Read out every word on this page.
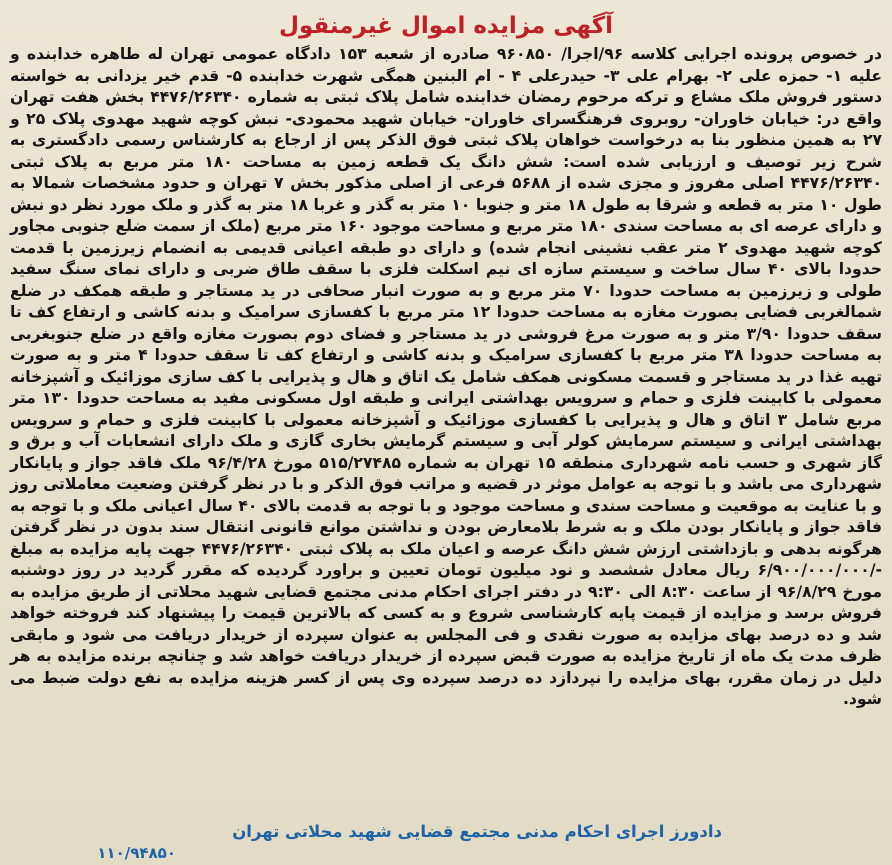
آگهی مزایده اموال غیرمنقول

در خصوص پرونده اجرایی کلاسه ۹۶/اجرا/ ۹۶۰۸۵۰ صادره از شعبه ۱۵۳ دادگاه عمومی تهران له طاهره خدابنده و علیه ۱- حمزه علی ۲- بهرام علی ۳- حیدرعلی ۴ - ام البنین همگی شهرت خدابنده ۵- قدم خیر یزدانی به خواسته دستور فروش ملک مشاع و ترکه مرحوم رمضان خدابنده شامل پلاک ثبتی به شماره ۴۴۷۶/۲۶۳۴۰ بخش هفت تهران واقع در: خیابان خاوران- روبروی فرهنگسرای خاوران- خیابان شهید محمودی- نبش کوچه شهید مهدوی پلاک ۲۵ و ۲۷ به همین منظور بنا به درخواست خواهان پلاک ثبتی فوق الذکر پس از ارجاع به کارشناس رسمی دادگستری به شرح زیر توصیف و ارزیابی شده است: شش دانگ یک قطعه زمین به مساحت ۱۸۰ متر مربع به پلاک ثبتی ۴۴۷۶/۲۶۳۴۰ اصلی مفروز و مجزی شده از ۵۶۸۸ فرعی از اصلی مذکور بخش ۷ تهران و حدود مشخصات شمالا به طول ۱۰ متر به قطعه و شرقا به طول ۱۸ متر و جنوبا ۱۰ متر به گذر و غربا ۱۸ متر به گذر و ملک مورد نظر دو نبش و دارای عرصه ای به مساحت سندی ۱۸۰ متر مربع و مساحت موجود ۱۶۰ متر مربع (ملک از سمت ضلع جنوبی مجاور کوچه شهید مهدوی ۲ متر عقب نشینی انجام شده) و دارای دو طبقه اعیانی قدیمی به انضمام زیرزمین با قدمت حدودا بالای ۴۰ سال ساخت و سیستم سازه ای نیم اسکلت فلزی با سقف طاق ضربی و دارای نمای سنگ سفید طولی و زیرزمین به مساحت حدودا ۷۰ متر مربع و به صورت انبار صحافی در ید مستاجر و طبقه همکف در ضلع شمالغربی فضایی بصورت مغازه به مساحت حدودا ۱۲ متر مربع با کفسازی سرامیک و بدنه کاشی و ارتفاع کف تا سقف حدودا ۳/۹۰ متر و به صورت مرغ فروشی در ید مستاجر و فضای دوم بصورت مغازه واقع در ضلع جنوبغربی به مساحت حدودا ۳۸ متر مربع با کفسازی سرامیک و بدنه کاشی و ارتفاع کف تا سقف حدودا ۴ متر و به صورت تهیه غذا در ید مستاجر و قسمت مسکونی همکف شامل یک اتاق و هال و پذیرایی با کف سازی موزائیک و آشپزخانه معمولی با کابینت فلزی و حمام و سرویس بهداشتی ایرانی و طبقه اول مسکونی مفید به مساحت حدودا ۱۳۰ متر مربع شامل ۳ اتاق و هال و پذیرایی با کفسازی موزائیک و آشپزخانه معمولی با کابینت فلزی و حمام و سرویس بهداشتی ایرانی و سیستم سرمایش کولر آبی و سیستم گرمایش بخاری گازی و ملک دارای انشعابات آب و برق و گاز شهری و حسب نامه شهرداری منطقه ۱۵ تهران به شماره ۵۱۵/۲۷۴۸۵ مورخ ۹۶/۴/۲۸ ملک فاقد جواز و پایانکار شهرداری می باشد و با توجه به عوامل موثر در قضیه و مراتب فوق الذکر و با در نظر گرفتن وضعیت معاملاتی روز و با عنایت به موقعیت و مساحت سندی و مساحت موجود و با توجه به قدمت بالای ۴۰ سال اعیانی ملک و با توجه به فاقد جواز و پایانکار بودن ملک و به شرط بلامعارض بودن و نداشتن موانع قانونی انتقال سند بدون در نظر گرفتن هرگونه بدهی و بازداشتی ارزش شش دانگ عرصه و اعیان ملک به پلاک ثبتی ۴۴۷۶/۲۶۳۴۰ جهت پایه مزایده به مبلغ -/۶/۹۰۰/۰۰۰/۰۰۰ ریال معادل ششصد و نود میلیون تومان تعیین و براورد گردیده که مقرر گردید در روز دوشنبه مورخ ۹۶/۸/۲۹ از ساعت ۸:۳۰ الی ۹:۳۰ در دفتر اجرای احکام مدنی مجتمع قضایی شهید محلاتی از طریق مزایده به فروش برسد و مزایده از قیمت پایه کارشناسی شروع و به کسی که بالاترین قیمت را پیشنهاد کند فروخته خواهد شد و ده درصد بهای مزایده به صورت نقدی و فی المجلس به عنوان سپرده از خریدار دریافت می شود و مابقی ظرف مدت یک ماه از تاریخ مزایده به صورت قبض سپرده از خریدار دریافت خواهد شد و چنانچه برنده مزایده به هر دلیل در زمان مقرر، بهای مزایده را نپردازد ده درصد سپرده وی پس از کسر هزینه مزایده به نفع دولت ضبط می شود.

دادورز اجرای احکام مدنی مجتمع قضایی شهید محلاتی تهران
۱۱۰/۹۴۸۵۰
